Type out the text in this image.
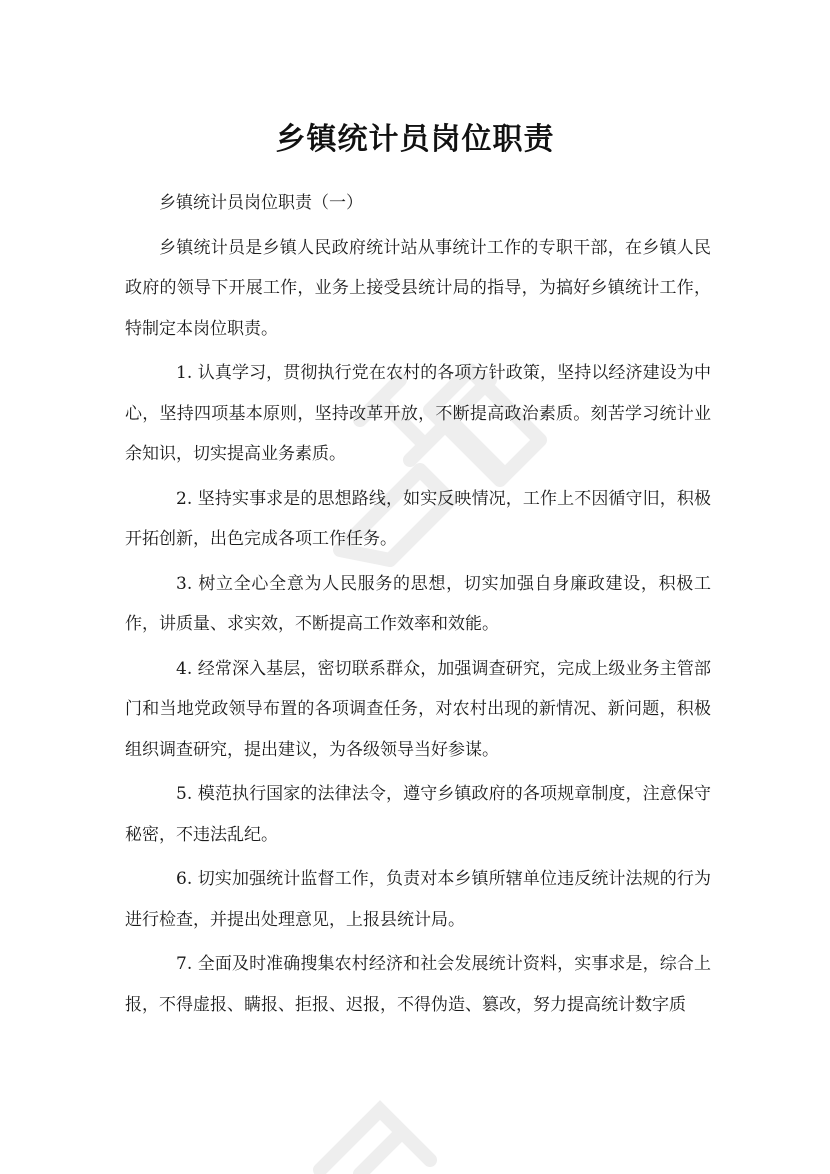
乡镇统计员岗位职责

乡镇统计员岗位职责（一）

乡镇统计员是乡镇人民政府统计站从事统计工作的专职干部，在乡镇人民政府的领导下开展工作，业务上接受县统计局的指导，为搞好乡镇统计工作，特制定本岗位职责。

1. 认真学习，贯彻执行党在农村的各项方针政策，坚持以经济建设为中心，坚持四项基本原则，坚持改革开放，不断提高政治素质。刻苦学习统计业余知识，切实提高业务素质。

2. 坚持实事求是的思想路线，如实反映情况，工作上不因循守旧，积极开拓创新，出色完成各项工作任务。

3. 树立全心全意为人民服务的思想，切实加强自身廉政建设，积极工作，讲质量、求实效，不断提高工作效率和效能。

4. 经常深入基层，密切联系群众，加强调查研究，完成上级业务主管部门和当地党政领导布置的各项调查任务，对农村出现的新情况、新问题，积极组织调查研究，提出建议，为各级领导当好参谋。

5. 模范执行国家的法律法令，遵守乡镇政府的各项规章制度，注意保守秘密，不违法乱纪。

6. 切实加强统计监督工作，负责对本乡镇所辖单位违反统计法规的行为进行检查，并提出处理意见，上报县统计局。

7. 全面及时准确搜集农村经济和社会发展统计资料，实事求是，综合上报，不得虚报、瞒报、拒报、迟报，不得伪造、篡改，努力提高统计数字质
